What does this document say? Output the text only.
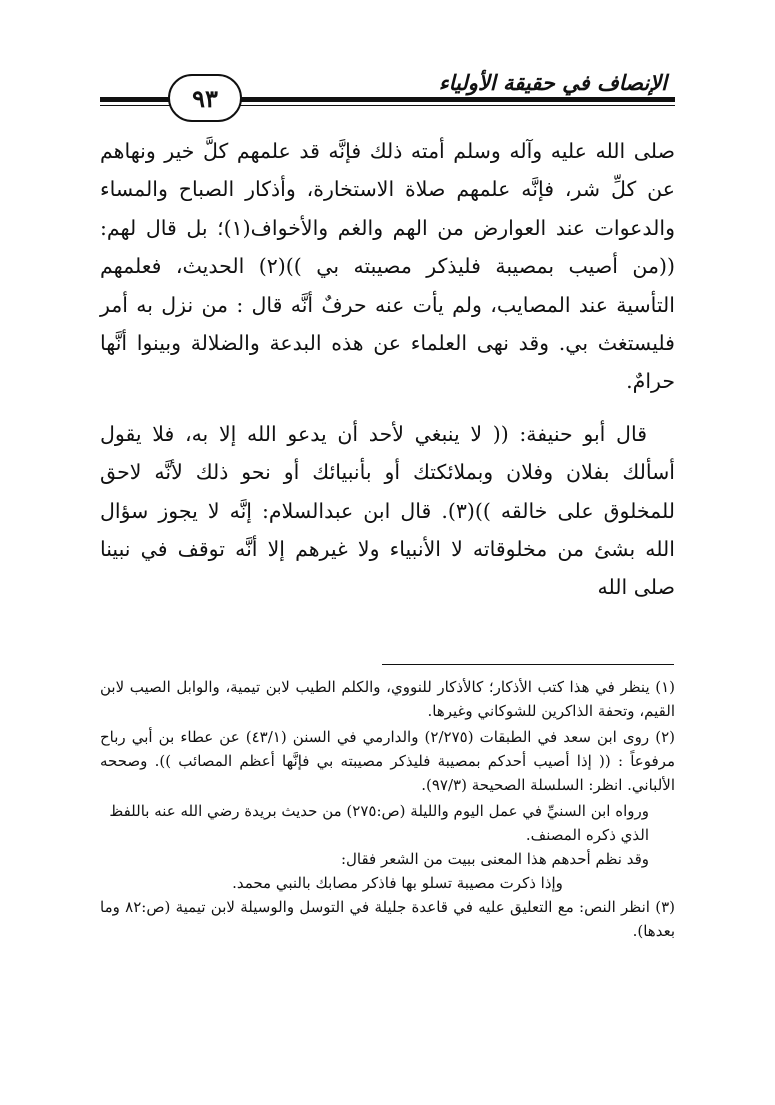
الإنصاف في حقيقة الأولياء
٩٣

صلى الله عليه وآله وسلم أمته ذلك فإنَّه قد علمهم كلَّ خير ونهاهم عن كلِّ شر، فإنَّه علمهم صلاة الاستخارة، وأذكار الصباح والمساء والدعوات عند العوارض من الهم والغم والأخواف(١)؛ بل قال لهم: ((من أصيب بمصيبة فليذكر مصيبته بي ))(٢) الحديث، فعلمهم التأسية عند المصايب، ولم يأت عنه حرفٌ أنَّه قال : من نزل به أمر فليستغث بي. وقد نهى العلماء عن هذه البدعة والضلالة وبينوا أنَّها حرامٌ.

قال أبو حنيفة: (( لا ينبغي لأحد أن يدعو الله إلا به، فلا يقول أسألك بفلان وفلان وبملائكتك أو بأنبيائك أو نحو ذلك لأنَّه لاحق للمخلوق على خالقه ))(٣). قال ابن عبدالسلام: إنَّه لا يجوز سؤال الله بشئ من مخلوقاته لا الأنبياء ولا غيرهم إلا أنَّه توقف في نبينا صلى الله

(١) ينظر في هذا كتب الأذكار؛ كالأذكار للنووي، والكلم الطيب لابن تيمية، والوابل الصيب لابن القيم، وتحفة الذاكرين للشوكاني وغيرها.

(٢) روى ابن سعد في الطبقات (٢/٢٧٥) والدارمي في السنن (٤٣/١) عن عطاء بن أبي رباح مرفوعاً : (( إذا أصيب أحدكم بمصيبة فليذكر مصيبته بي فإنَّها أعظم المصائب )). وصححه الألباني. انظر: السلسلة الصحيحة (٩٧/٣).

ورواه ابن السنيِّ في عمل اليوم والليلة (ص:٢٧٥) من حديث بريدة رضي الله عنه باللفظ الذي ذكره المصنف.

وقد نظم أحدهم هذا المعنى ببيت من الشعر فقال:

وإذا ذكرت مصيبة تسلو بها فاذكر مصابك بالنبي محمد.

(٣) انظر النص: مع التعليق عليه في قاعدة جليلة في التوسل والوسيلة لابن تيمية (ص:٨٢ وما بعدها).
